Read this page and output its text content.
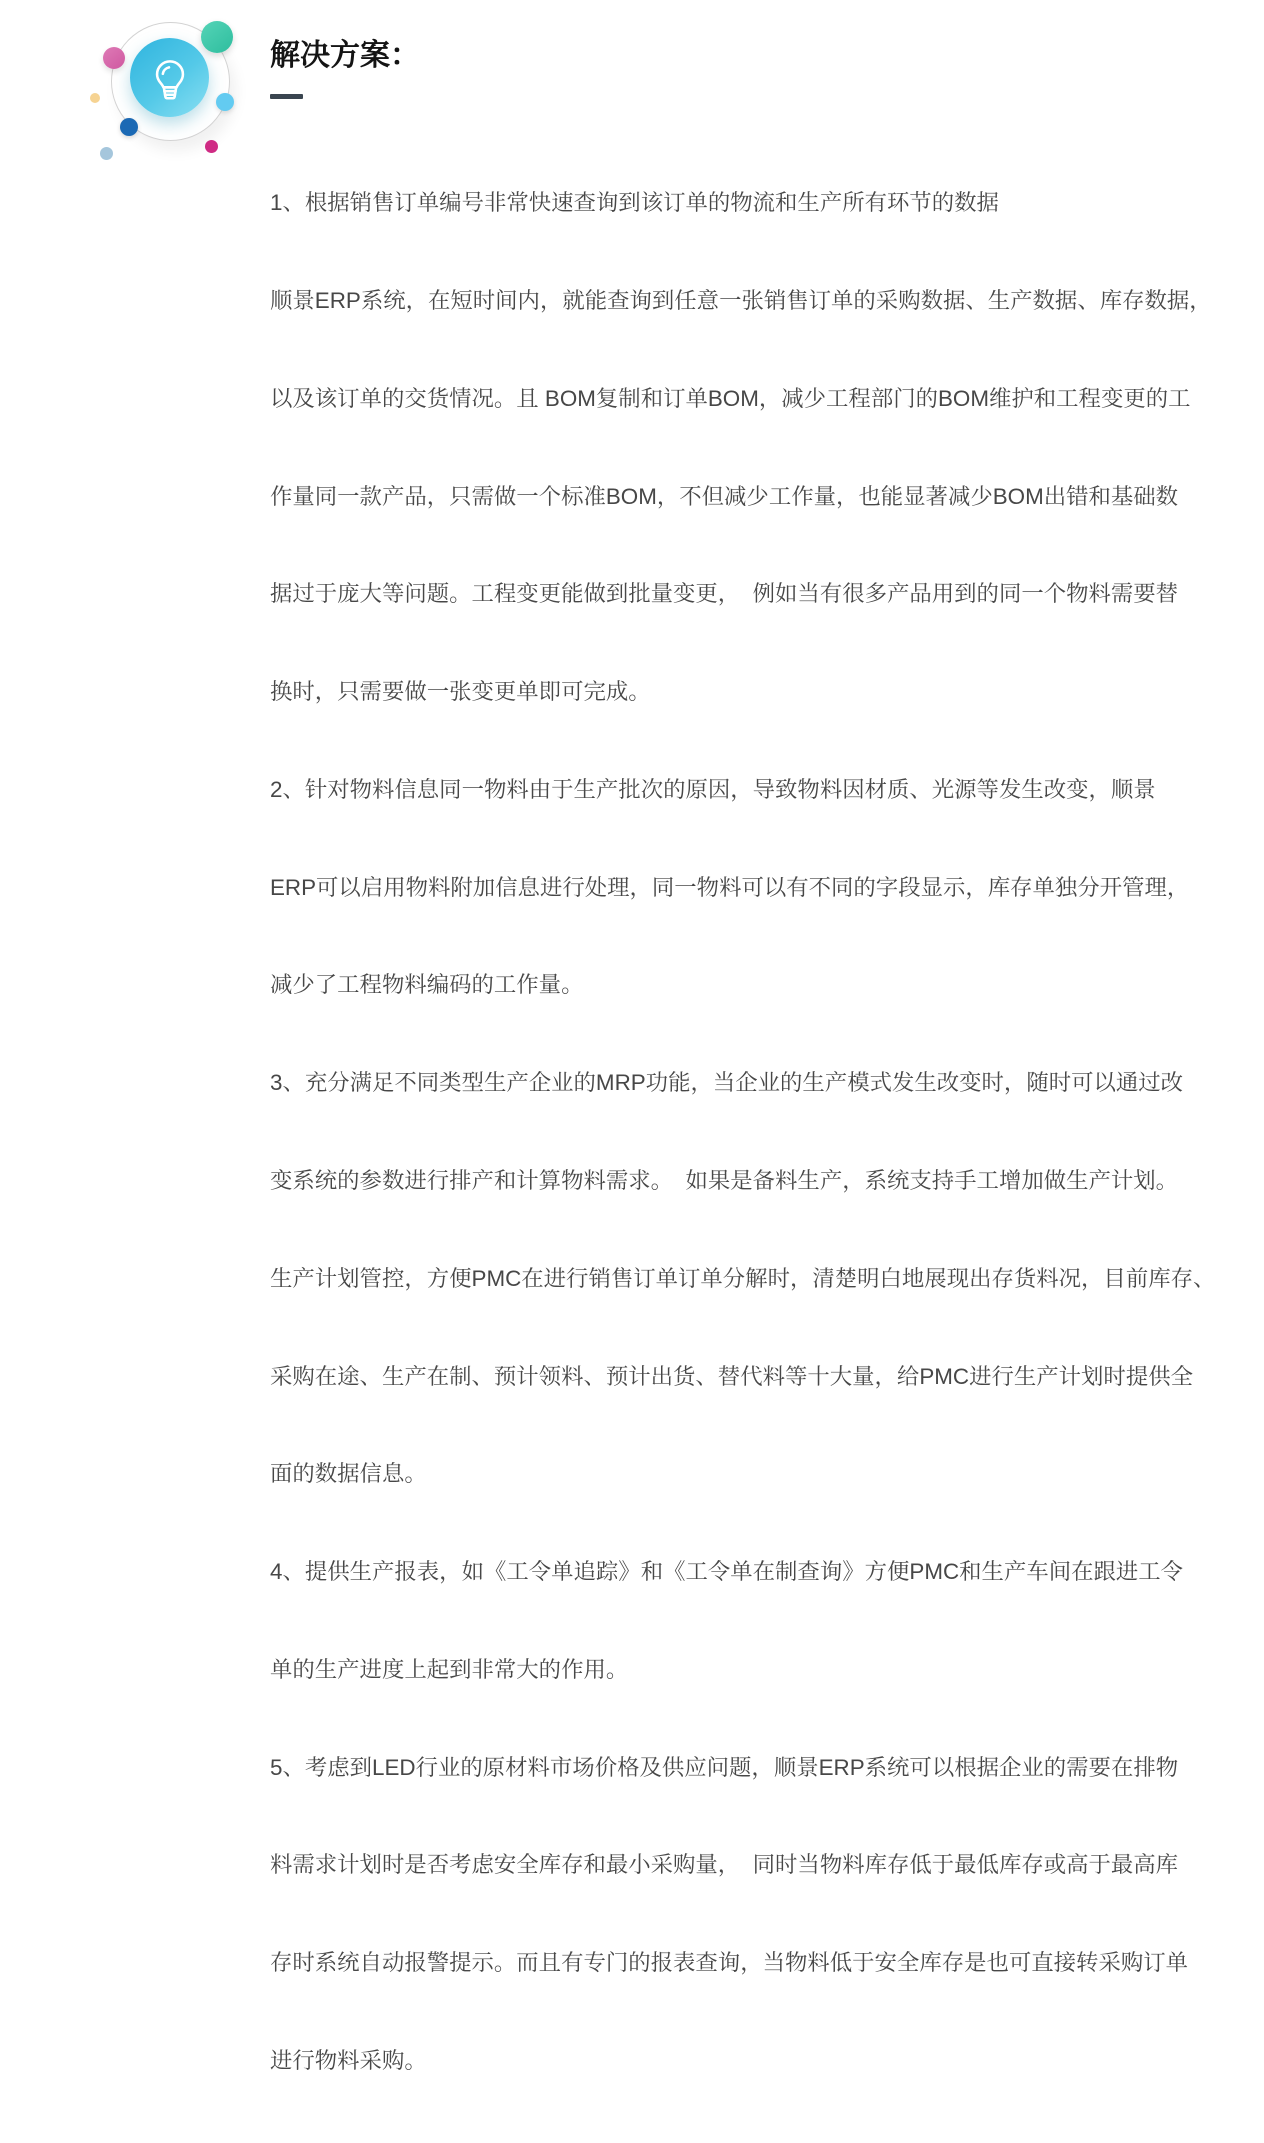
解决方案：

1、根据销售订单编号非常快速查询到该订单的物流和生产所有环节的数据

顺景ERP系统，在短时间内，就能查询到任意一张销售订单的采购数据、生产数据、库存数据，

以及该订单的交货情况。且 BOM复制和订单BOM，减少工程部门的BOM维护和工程变更的工

作量同一款产品，只需做一个标准BOM，不但减少工作量，也能显著减少BOM出错和基础数

据过于庞大等问题。工程变更能做到批量变更，  例如当有很多产品用到的同一个物料需要替

换时，只需要做一张变更单即可完成。

2、针对物料信息同一物料由于生产批次的原因，导致物料因材质、光源等发生改变，顺景

ERP可以启用物料附加信息进行处理，同一物料可以有不同的字段显示，库存单独分开管理，

减少了工程物料编码的工作量。

3、充分满足不同类型生产企业的MRP功能，当企业的生产模式发生改变时，随时可以通过改

变系统的参数进行排产和计算物料需求。  如果是备料生产，系统支持手工增加做生产计划。

生产计划管控，方便PMC在进行销售订单订单分解时，清楚明白地展现出存货料况，目前库存、

采购在途、生产在制、预计领料、预计出货、替代料等十大量，给PMC进行生产计划时提供全

面的数据信息。

4、提供生产报表，如《工令单追踪》和《工令单在制查询》方便PMC和生产车间在跟进工令

单的生产进度上起到非常大的作用。

5、考虑到LED行业的原材料市场价格及供应问题，顺景ERP系统可以根据企业的需要在排物

料需求计划时是否考虑安全库存和最小采购量，  同时当物料库存低于最低库存或高于最高库

存时系统自动报警提示。而且有专门的报表查询，当物料低于安全库存是也可直接转采购订单

进行物料采购。
